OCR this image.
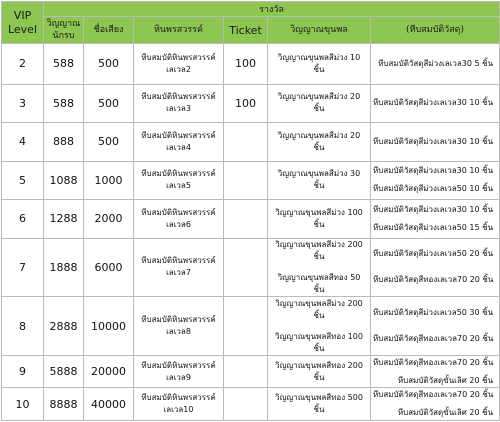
VIP
Level	รางวัล					
	วิญญาณ
นักรบ	ชื่อเสียง	หินพรสวรรค์	Ticket	วิญญาณขุนพล	(หีบสมบัติวัสดุ)
2	588	500	หีบสมบัติหินพรสวรรค์
เลเวล2	100	วิญญาณขุนพลสีม่วง 10
ชิ้น	หีบสมบัติวัสดุสีม่วงเลเวล30 5 ชิ้น

3	588	500	หีบสมบัติหินพรสวรรค์
เลเวล3	100	วิญญาณขุนพลสีม่วง 20
ชิ้น	หีบสมบัติวัสดุสีม่วงเลเวล30 10 ชิ้น

4	888	500	หีบสมบัติหินพรสวรรค์
เลเวล4		วิญญาณขุนพลสีม่วง 20
ชิ้น	หีบสมบัติวัสดุสีม่วงเลเวล30 10 ชิ้น

5	1088	1000	หีบสมบัติหินพรสวรรค์
เลเวล5		วิญญาณขุนพลสีม่วง 30
ชิ้น	หีบสมบัติวัสดุสีม่วงเลเวล30 10 ชิ้น
หีบสมบัติวัสดุสีม่วงเลเวล50 10 ชิ้น

6	1288	2000	หีบสมบัติหินพรสวรรค์
เลเวล6		วิญญาณขุนพลสีม่วง 100
ชิ้น	หีบสมบัติวัสดุสีม่วงเลเวล30 10 ชิ้น
หีบสมบัติวัสดุสีม่วงเลเวล50 15 ชิ้น

7	1888	6000	หีบสมบัติหินพรสวรรค์
เลเวล7		วิญญาณขุนพลสีม่วง 200
ชิ้น
วิญญาณขุนพลสีทอง 50
ชิ้น	หีบสมบัติวัสดุสีม่วงเลเวล50 20 ชิ้น
หีบสมบัติวัสดุสีทองเลเวล70 20 ชิ้น

8	2888	10000	หีบสมบัติหินพรสวรรค์
เลเวล8		วิญญาณขุนพลสีม่วง 200
ชิ้น
วิญญาณขุนพลสีทอง 100
ชิ้น	หีบสมบัติวัสดุสีม่วงเลเวล50 30 ชิ้น
หีบสมบัติวัสดุสีทองเลเวล70 20 ชิ้น

9	5888	20000	หีบสมบัติหินพรสวรรค์
เลเวล9		วิญญาณขุนพลสีทอง 200
ชิ้น	หีบสมบัติวัสดุสีทองเลเวล70 20 ชิ้น
หีบสมบัติวัสดุขั้นเลิศ 20 ชิ้น

10	8888	40000	หีบสมบัติหินพรสวรรค์
เลเวล10		วิญญาณขุนพลสีทอง 500
ชิ้น	หีบสมบัติวัสดุสีทองเลเวล70 20 ชิ้น
หีบสมบัติวัสดุขั้นเลิศ 20 ชิ้น
